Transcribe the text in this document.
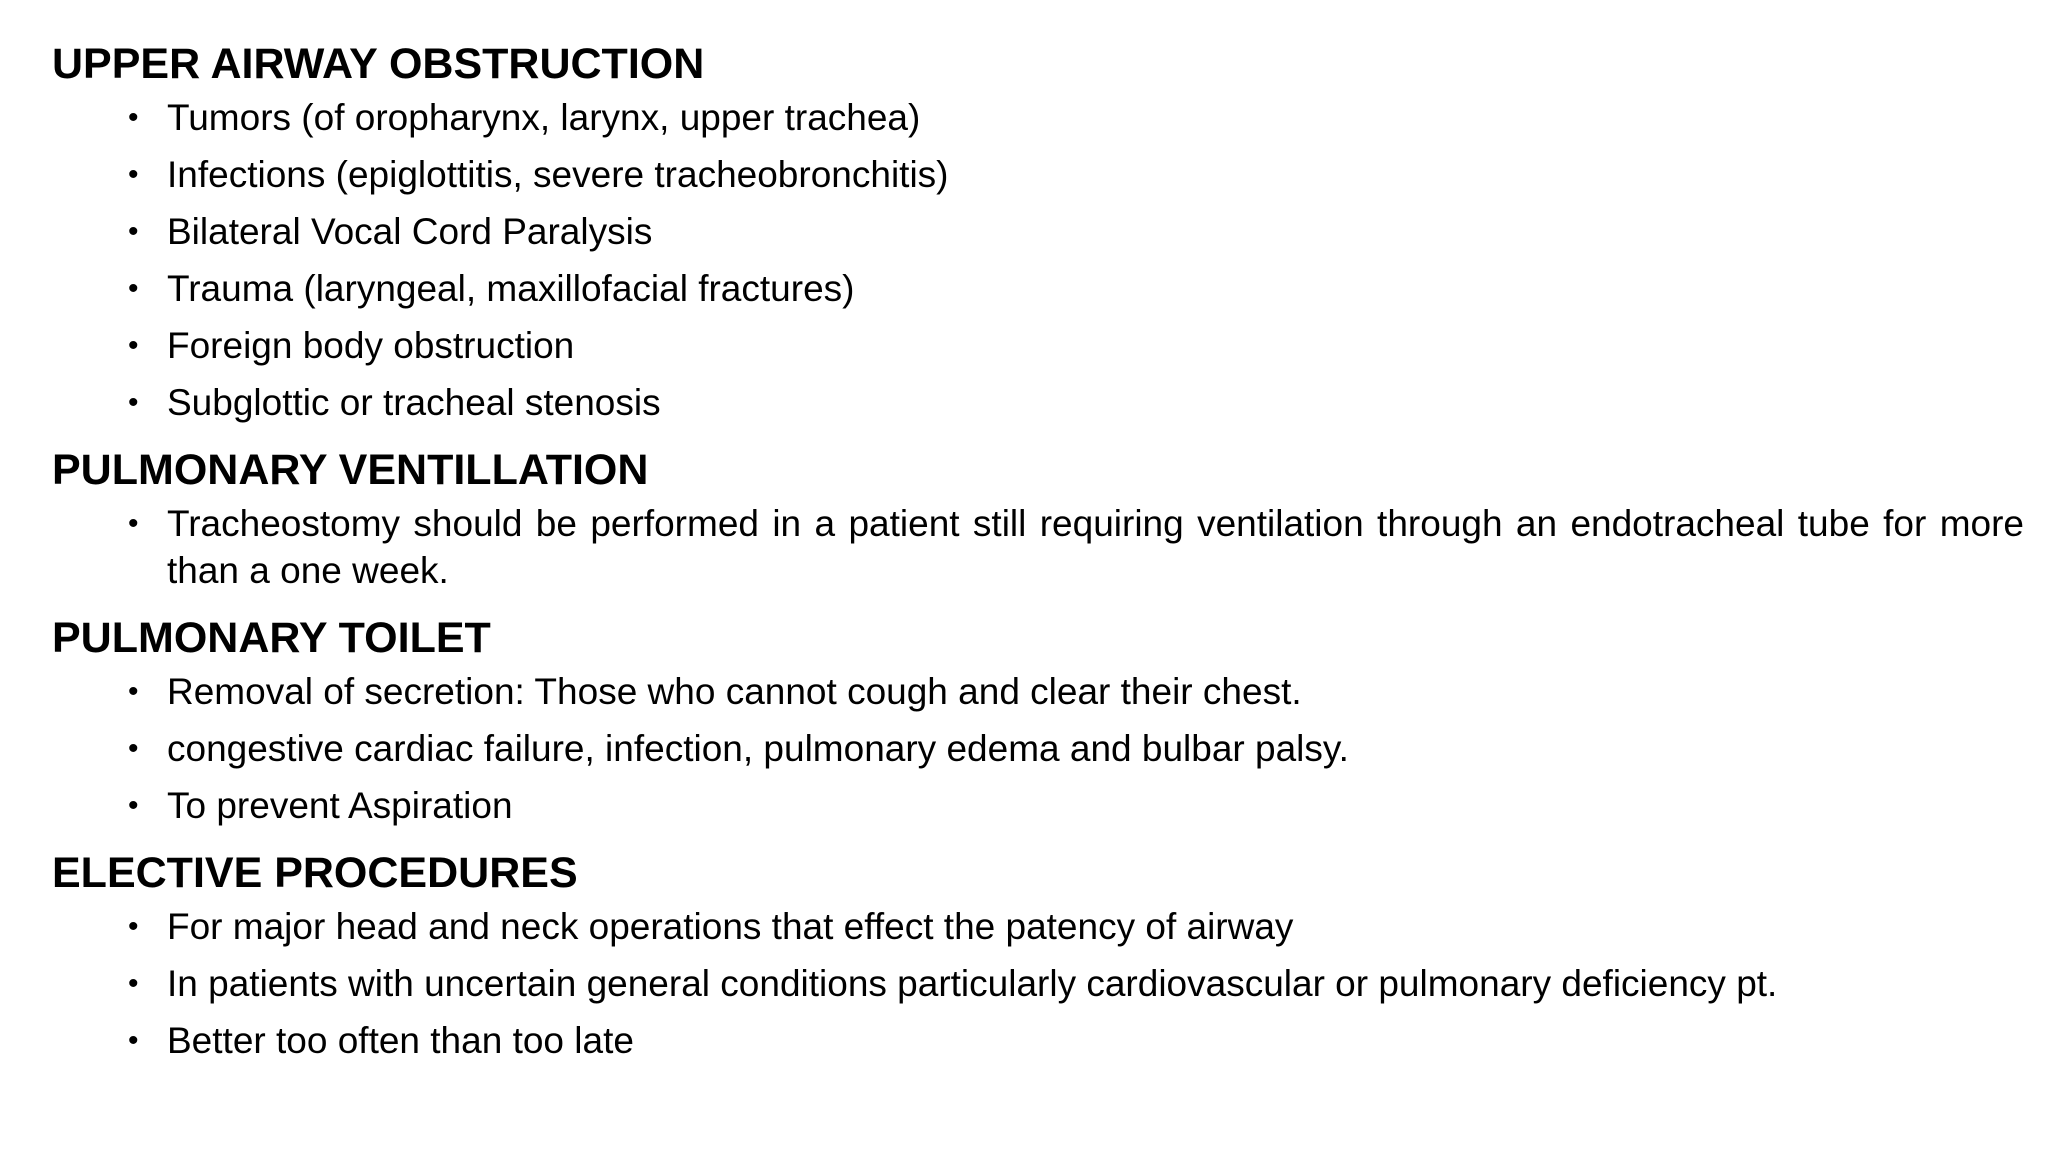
UPPER AIRWAY OBSTRUCTION
• Tumors (of oropharynx, larynx, upper trachea)
• Infections (epiglottitis, severe tracheobronchitis)
• Bilateral Vocal Cord Paralysis
• Trauma (laryngeal, maxillofacial fractures)
• Foreign body obstruction
• Subglottic or tracheal stenosis
PULMONARY VENTILLATION
• Tracheostomy should be performed in a patient still requiring ventilation through an endotracheal tube for more than a one week.
PULMONARY TOILET
• Removal of secretion: Those who cannot cough and clear their chest.
• congestive cardiac failure, infection, pulmonary edema and bulbar palsy.
• To prevent Aspiration
ELECTIVE PROCEDURES
• For major head and neck operations that effect the patency of airway
• In patients with uncertain general conditions particularly cardiovascular or pulmonary deficiency pt.
• Better too often than too late
